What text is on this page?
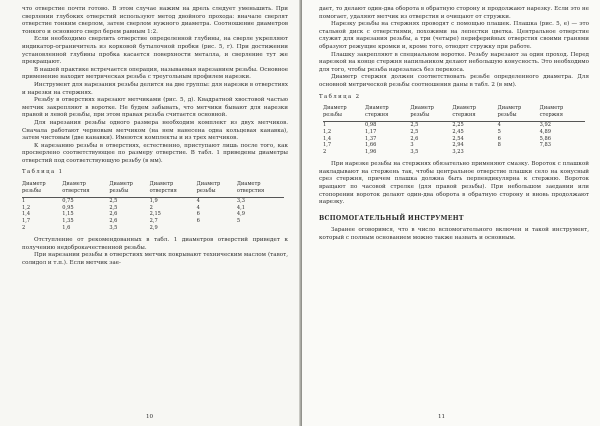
что отверстие почти готово. В этом случае нажим на дрель следует уменьшить. При сверлении глубоких отверстий используют метод двойного прохода: вначале сверлят отверстие тонким сверлом, затем сверлом нужного диаметра. Соотношение диаметров тонкого и основного сверл берем равным 1:2.

Если необходимо сверлить отверстие определенной глубины, на сверле укрепляют индикатор-ограничитель из корковой бутылочной пробки (рис. 5, г). При достижении установленной глубины пробка касается поверхности металла, и сверление тут же прекращают.

В нашей практике встречается операция, называемая нарезанием резьбы. Основное применение находит метрическая резьба с треугольным профилем нарезки.

Инструмент для нарезания резьбы делится на две группы: для нарезки в отверстиях и нарезки на стержнях.

Резьбу в отверстиях нарезают метчиками (рис. 5, д). Квадратной хвостовой частью метчик закрепляют в воротке. Не будем забывать, что метчики бывают для нарезки правой и левой резьбы, при этом правая резьба считается основной.

Для нарезания резьбы одного размера необходим комплект из двух метчиков. Сначала работают черновым метчиком (на нем нанесена одна кольцевая канавка), затем чистовым (две канавки). Имеются комплекты и из трех метчиков.

К нарезанию резьбы в отверстиях, естественно, приступают лишь после того, как просверлено соответствующее по размеру отверстие. В табл. 1 приведены диаметры отверстий под соответствующую резьбу (в мм).

Таблица 1
Диаметр резьбы	Диаметр отверстия	Диаметр резьбы	Диаметр отверстия	Диаметр резьбы	Диаметр отверстия
1	0,75	2,5	1,9	4	3,3
1,2	0,95	2,5	2	4	4,1
1,4	1,15	2,6	2,15	6	4,9
1,7	1,35	2,6	2,7	6	5
2	1,6	3,5	2,9		

Отступление от рекомендованных в табл. 1 диаметров отверстий приведет к получению недоброкачественной резьбы.

При нарезании резьбы в отверстиях метчик покрывают техническим маслом (тавот, солидол и т.п.). Если метчик зае-

10

дает, то делают один-два оборота в обратную сторону и продолжают нарезку. Если это не помогает, удаляют метчик из отверстия и очищают от стружки.

Нарезку резьбы на стержнях проводят с помощью плашек. Плашка (рис. 5, е) — это стальной диск с отверстиями, похожими на лепестки цветка. Центральное отверстие служит для нарезания резьбы, а три (четыре) периферийных отверстия своими гранями образуют режущие кромки и, кроме того, отводят стружку при работе.

Плашку закрепляют в специальном воротке. Резьбу нарезают за один проход. Перед нарезкой на конце стержня напильником делают небольшую конусность. Это необходимо для того, чтобы резьба нарезалась без перекоса.

Диаметр стержня должен соответствовать резьбе определенного диаметра. Для основной метрической резьбы соотношения даны в табл. 2 (в мм).

Таблица 2
Диаметр резьбы	Диаметр стержня	Диаметр резьбы	Диаметр стержня	Диаметр резьбы	Диаметр стержня
1	0,98	2,5	2,25	4	3,92
1,2	1,17	2,5	2,45	5	4,89
1,4	1,37	2,6	2,54	6	5,86
1,7	1,66	3	2,94	8	7,83
2	1,96	3,5	3,23		

При нарезке резьбы на стержнях обязательно применяют смазку. Вороток с плашкой накладывают на стержень так, чтобы центральное отверстие плашки село на конусный срез стержня, причем плашка должна быть перпендикулярна к стержню. Вороток вращают по часовой стрелке (для правой резьбы). При небольшом заедании или стопорении вороток делают один-два оборота в обратную сторону и вновь продолжают нарезку.

ВСПОМОГАТЕЛЬНЫЙ ИНСТРУМЕНТ

Заранее оговоримся, что в число вспомогательного включен и такой инструмент, который с полным основанием можно также назвать и основным.

11
